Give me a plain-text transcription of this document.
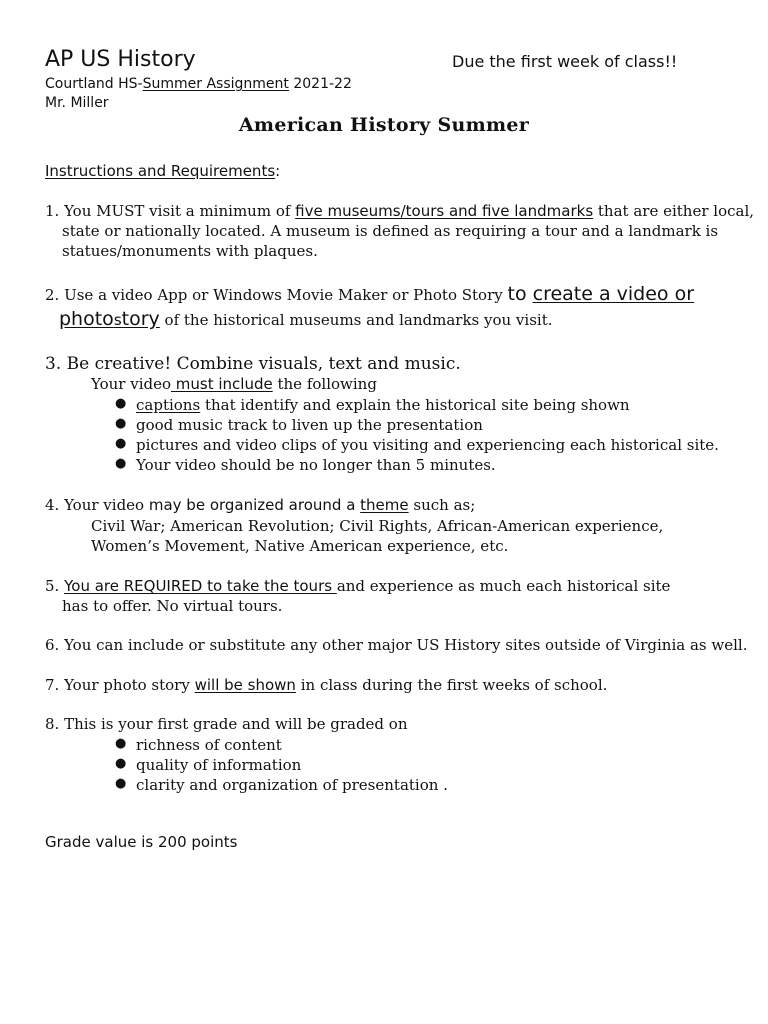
AP US History	Due the first week of class!!
Courtland HS-Summer Assignment 2021-22
Mr. Miller
American History Summer
Instructions and Requirements:
1. You MUST visit a minimum of five museums/tours and five landmarks that are either local,
state or nationally located. A museum is defined as requiring a tour and a landmark is
statues/monuments with plaques.
2. Use a video App or Windows Movie Maker or Photo Story to create a video or
photostory of the historical museums and landmarks you visit.
3. Be creative! Combine visuals, text and music.
Your video must include the following
● captions that identify and explain the historical site being shown
● good music track to liven up the presentation
● pictures and video clips of you visiting and experiencing each historical site.
● Your video should be no longer than 5 minutes.
4. Your video may be organized around a theme such as;
Civil War; American Revolution; Civil Rights, African-American experience,
Women’s Movement, Native American experience, etc.
5. You are REQUIRED to take the tours and experience as much each historical site
has to offer. No virtual tours.
6. You can include or substitute any other major US History sites outside of Virginia as well.
7. Your photo story will be shown in class during the first weeks of school.
8. This is your first grade and will be graded on
● richness of content
● quality of information
● clarity and organization of presentation .
Grade value is 200 points
